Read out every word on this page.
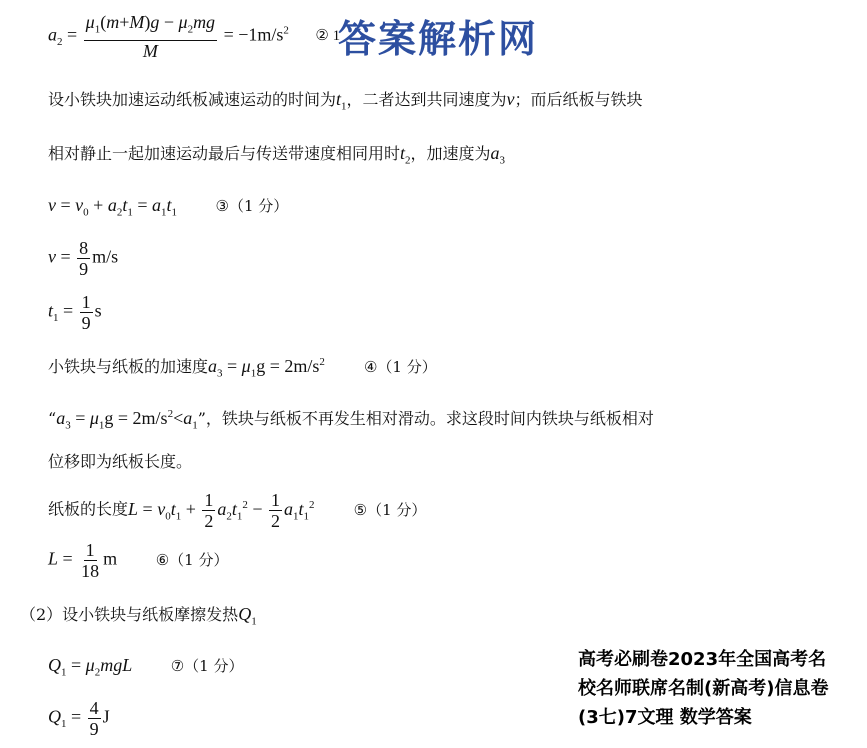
答案解析网
$a_2 = \frac{\mu_1(m+M)g - \mu_2mg}{M} = -1m/s^2$ ② 1
设小铁块加速运动纸板减速运动的时间为$t_1$，二者达到共同速度为v；而后纸板与铁块
相对静止一起加速运动最后与传送带速度相同用时$t_2$，加速度为$a_3$
$v = v_0 + a_2t_1 = a_1t_1$	③（1 分）
$v = \frac{8}{9} m/s$
$t_1 = \frac{1}{9}$ s
小铁块与纸板的加速度$a_3 = \mu_1g = 2m/s^2$	④（1 分）
“$a_3 = \mu_1g = 2m/s^2<a_1$”，铁块与纸板不再发生相对滑动。求这段时间内铁块与纸板相对
位移即为纸板长度。
纸板的长度$L = v_0t_1 + \frac{1}{2} a_2t_1^2 - \frac{1}{2} a_1t_1^2$	⑤（1 分）
$L = \frac{1}{18}$ m ⑥（1 分）
（2）设小铁块与纸板摩擦发热$Q_1$
$Q_1 = \mu_2mgL$	⑦（1 分）
$Q_1 = \frac{4}{9}$ J
高考必刷卷2023年全国高考名
校名师联席名制(新高考)信息卷
(3七)7文理 数学答案
